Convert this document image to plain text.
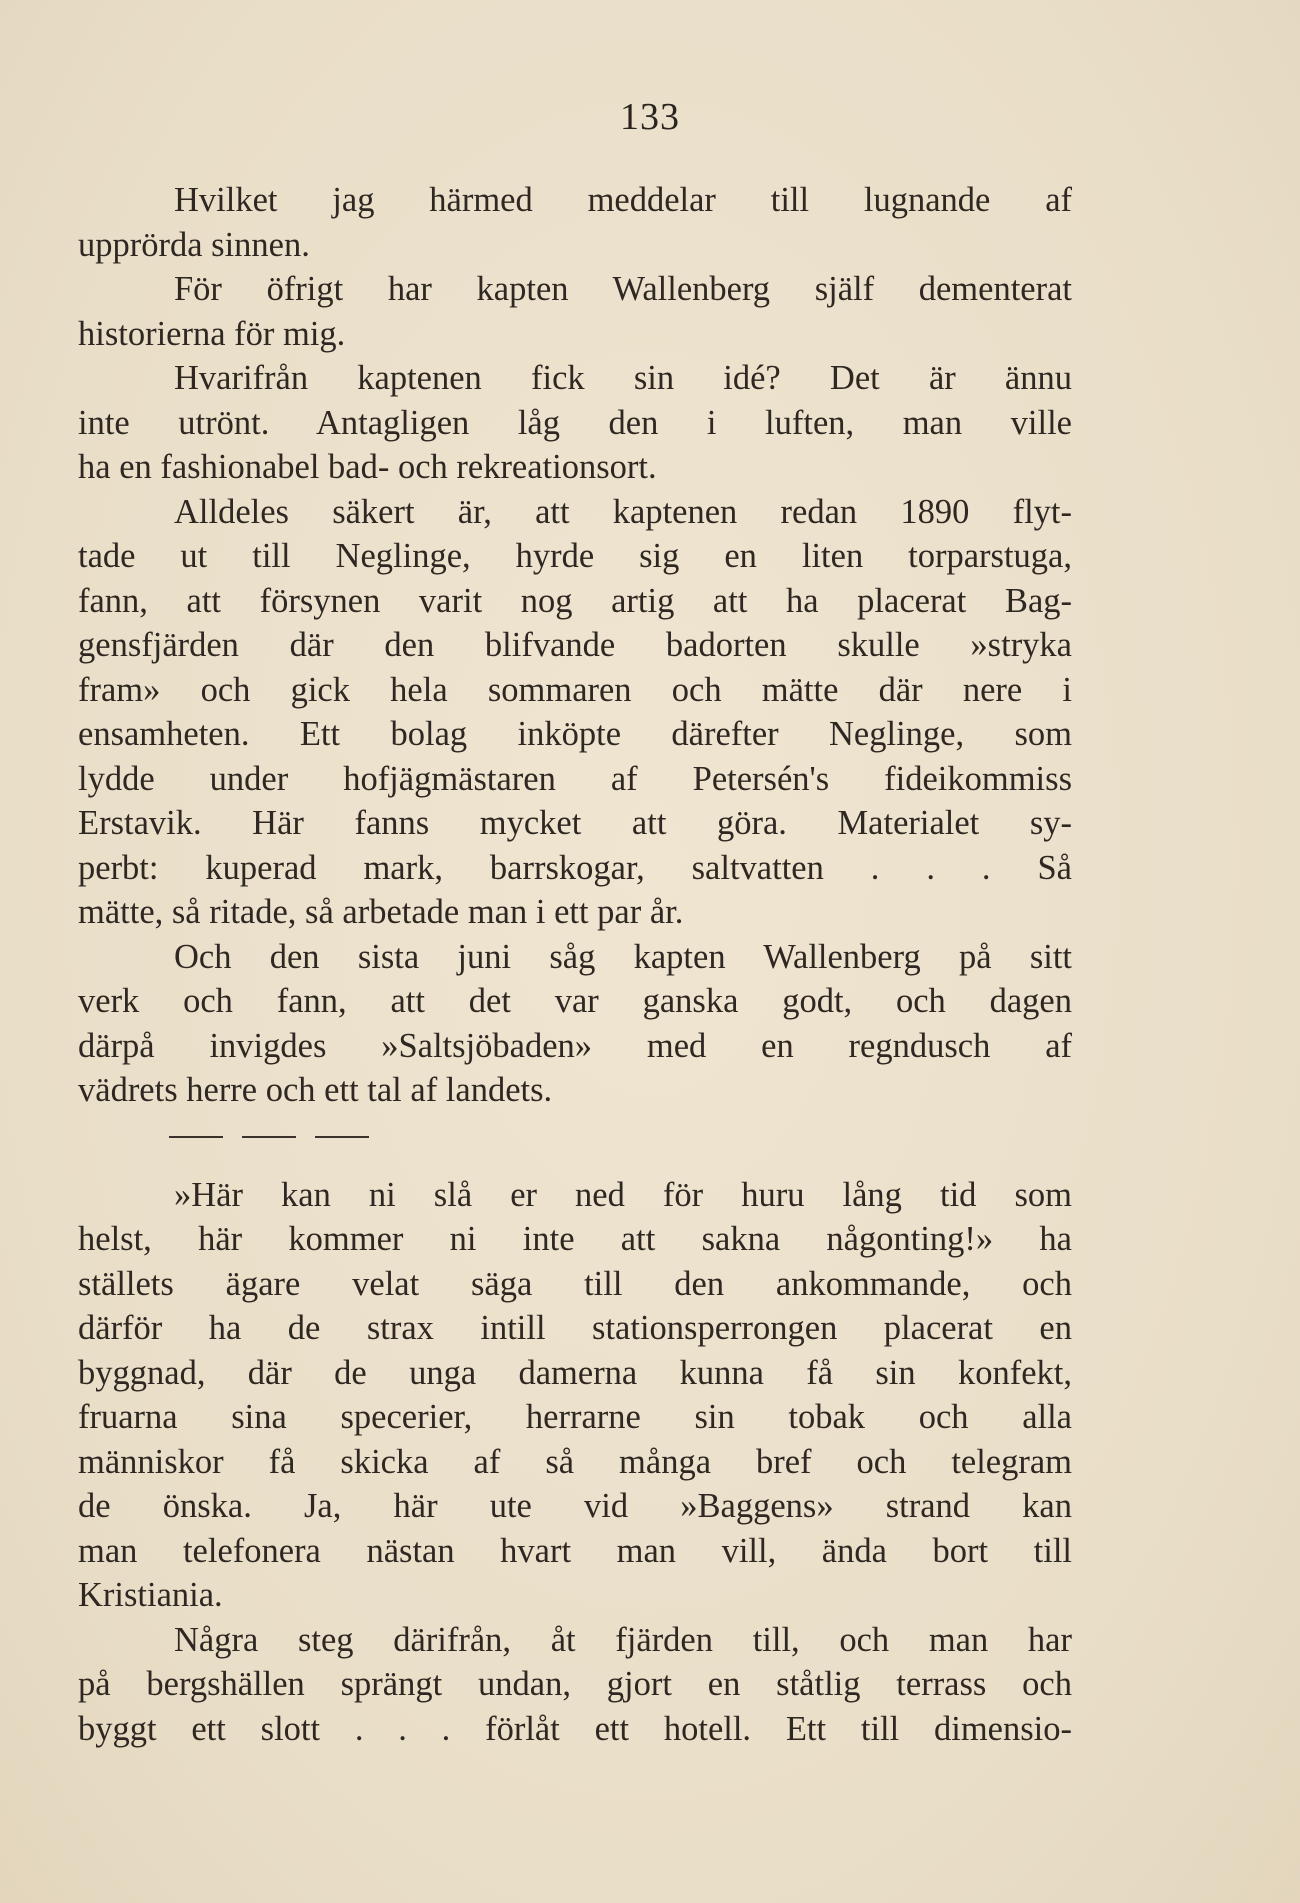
133
Hvilket jag härmed meddelar till lugnande af
upprörda sinnen.
För öfrigt har kapten Wallenberg själf dementerat
historierna för mig.
Hvarifrån kaptenen fick sin idé? Det är ännu
inte utrönt. Antagligen låg den i luften, man ville
ha en fashionabel bad- och rekreationsort.
Alldeles säkert är, att kaptenen redan 1890 flyt-
tade ut till Neglinge, hyrde sig en liten torparstuga,
fann, att försynen varit nog artig att ha placerat Bag-
gensfjärden där den blifvande badorten skulle »stryka
fram» och gick hela sommaren och mätte där nere i
ensamheten. Ett bolag inköpte därefter Neglinge, som
lydde under hofjägmästaren af Petersén's fideikommiss
Erstavik. Här fanns mycket att göra. Materialet sy-
perbt: kuperad mark, barrskogar, saltvatten . . . Så
mätte, så ritade, så arbetade man i ett par år.
Och den sista juni såg kapten Wallenberg på sitt
verk och fann, att det var ganska godt, och dagen
därpå invigdes »Saltsjöbaden» med en regndusch af
vädrets herre och ett tal af landets.
»Här kan ni slå er ned för huru lång tid som
helst, här kommer ni inte att sakna någonting!» ha
ställets ägare velat säga till den ankommande, och
därför ha de strax intill stationsperrongen placerat en
byggnad, där de unga damerna kunna få sin konfekt,
fruarna sina specerier, herrarne sin tobak och alla
människor få skicka af så många bref och telegram
de önska. Ja, här ute vid »Baggens» strand kan
man telefonera nästan hvart man vill, ända bort till
Kristiania.
Några steg därifrån, åt fjärden till, och man har
på bergshällen sprängt undan, gjort en ståtlig terrass och
byggt ett slott . . . förlåt ett hotell. Ett till dimensio-
